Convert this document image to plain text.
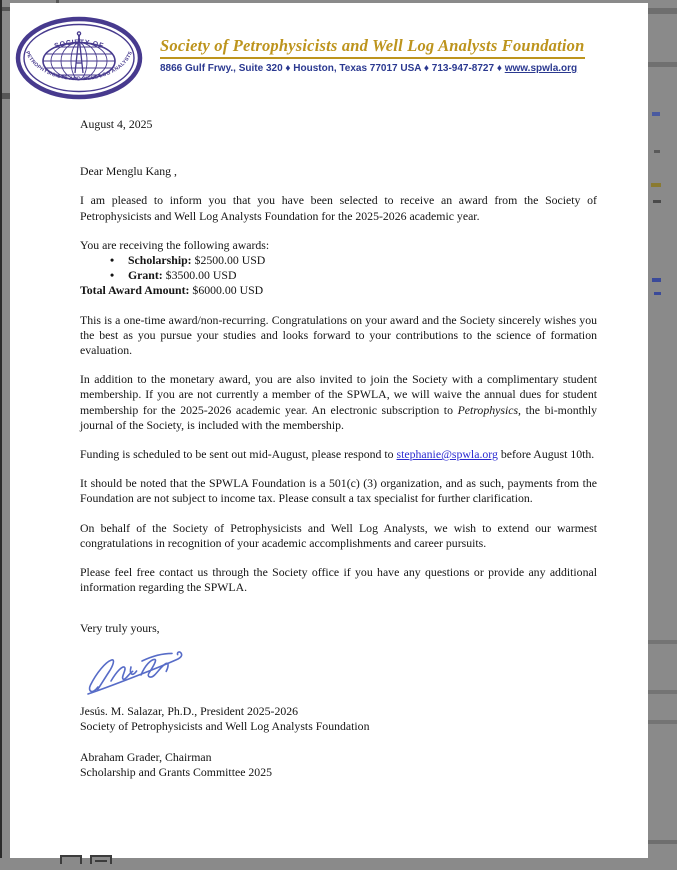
SOCIETY OF
PETROPHYSICISTS AND WELL LOG ANALYSTS Society of Petrophysicists and Well Log Analysts Foundation
8866 Gulf Frwy., Suite 320 ♦ Houston, Texas 77017 USA ♦ 713-947-8727 ♦ www.spwla.org
August 4, 2025
Dear Menglu Kang ,
I am pleased to inform you that you have been selected to receive an award from the Society of Petrophysicists and Well Log Analysts Foundation for the 2025-2026 academic year.
You are receiving the following awards:
• Scholarship: $2500.00 USD
• Grant: $3500.00 USD
Total Award Amount: $6000.00 USD
This is a one-time award/non-recurring. Congratulations on your award and the Society sincerely wishes you the best as you pursue your studies and looks forward to your contributions to the science of formation evaluation.
In addition to the monetary award, you are also invited to join the Society with a complimentary student membership. If you are not currently a member of the SPWLA, we will waive the annual dues for student membership for the 2025-2026 academic year. An electronic subscription to Petrophysics, the bi-monthly journal of the Society, is included with the membership.
Funding is scheduled to be sent out mid-August, please respond to stephanie@spwla.org before August 10th.
It should be noted that the SPWLA Foundation is a 501(c) (3) organization, and as such, payments from the Foundation are not subject to income tax. Please consult a tax specialist for further clarification.
On behalf of the Society of Petrophysicists and Well Log Analysts, we wish to extend our warmest congratulations in recognition of your academic accomplishments and career pursuits.
Please feel free contact us through the Society office if you have any questions or provide any additional information regarding the SPWLA.
Very truly yours,
Jesús. M. Salazar, Ph.D., President 2025-2026
Society of Petrophysicists and Well Log Analysts Foundation
Abraham Grader, Chairman
Scholarship and Grants Committee 2025
